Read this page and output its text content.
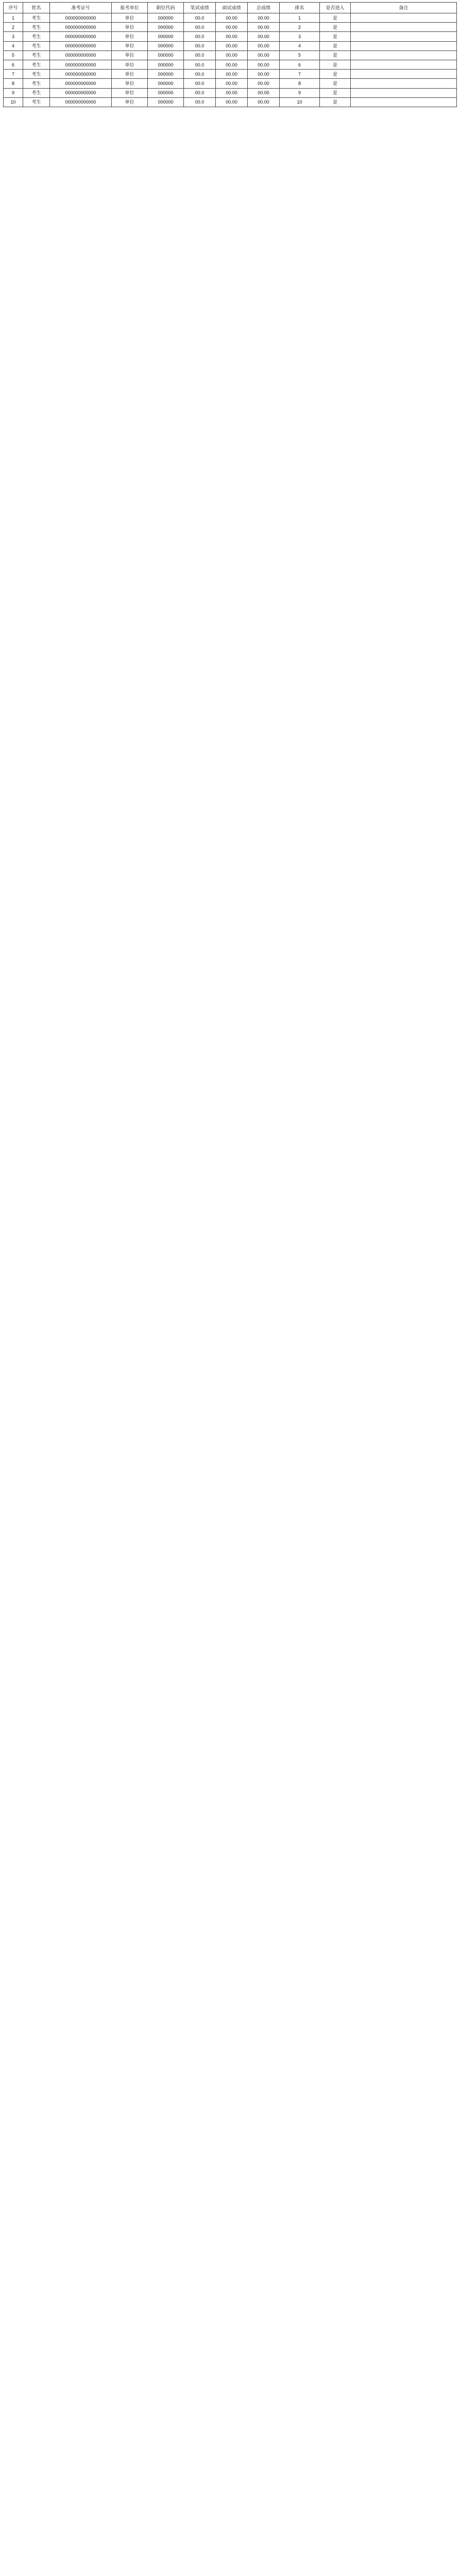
序号	姓名	准考证号	报考单位	职位代码	笔试成绩	面试成绩	总成绩	排名	是否进入	备注
1	考生	000000000000	单位	000000	00.0	00.00	00.00	1	是	
2	考生	000000000000	单位	000000	00.0	00.00	00.00	2	是	
3	考生	000000000000	单位	000000	00.0	00.00	00.00	3	是	
4	考生	000000000000	单位	000000	00.0	00.00	00.00	4	是	
5	考生	000000000000	单位	000000	00.0	00.00	00.00	5	是	
6	考生	000000000000	单位	000000	00.0	00.00	00.00	6	是	
7	考生	000000000000	单位	000000	00.0	00.00	00.00	7	是	
8	考生	000000000000	单位	000000	00.0	00.00	00.00	8	是	
9	考生	000000000000	单位	000000	00.0	00.00	00.00	9	是	
10	考生	000000000000	单位	000000	00.0	00.00	00.00	10	是	
